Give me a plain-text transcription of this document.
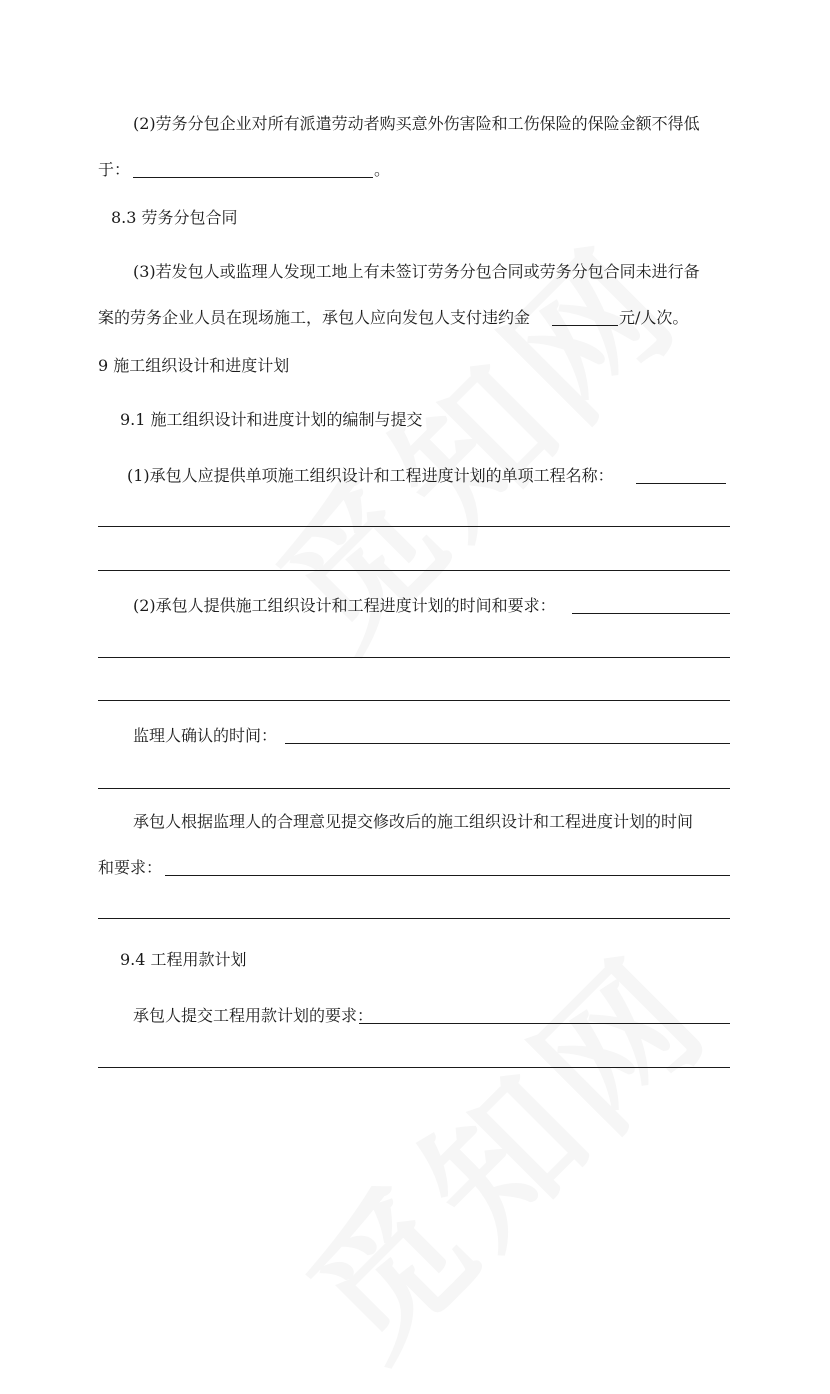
(2)劳务分包企业对所有派遣劳动者购买意外伤害险和工伤保险的保险金额不得低
于：	。
8.3 劳务分包合同
(3)若发包人或监理人发现工地上有未签订劳务分包合同或劳务分包合同未进行备
案的劳务企业人员在现场施工，承包人应向发包人支付违约金	元/人次。
9 施工组织设计和进度计划
9.1 施工组织设计和进度计划的编制与提交
(1)承包人应提供单项施工组织设计和工程进度计划的单项工程名称：
(2)承包人提供施工组织设计和工程进度计划的时间和要求：
监理人确认的时间：
承包人根据监理人的合理意见提交修改后的施工组织设计和工程进度计划的时间
和要求：
9.4 工程用款计划
承包人提交工程用款计划的要求：
